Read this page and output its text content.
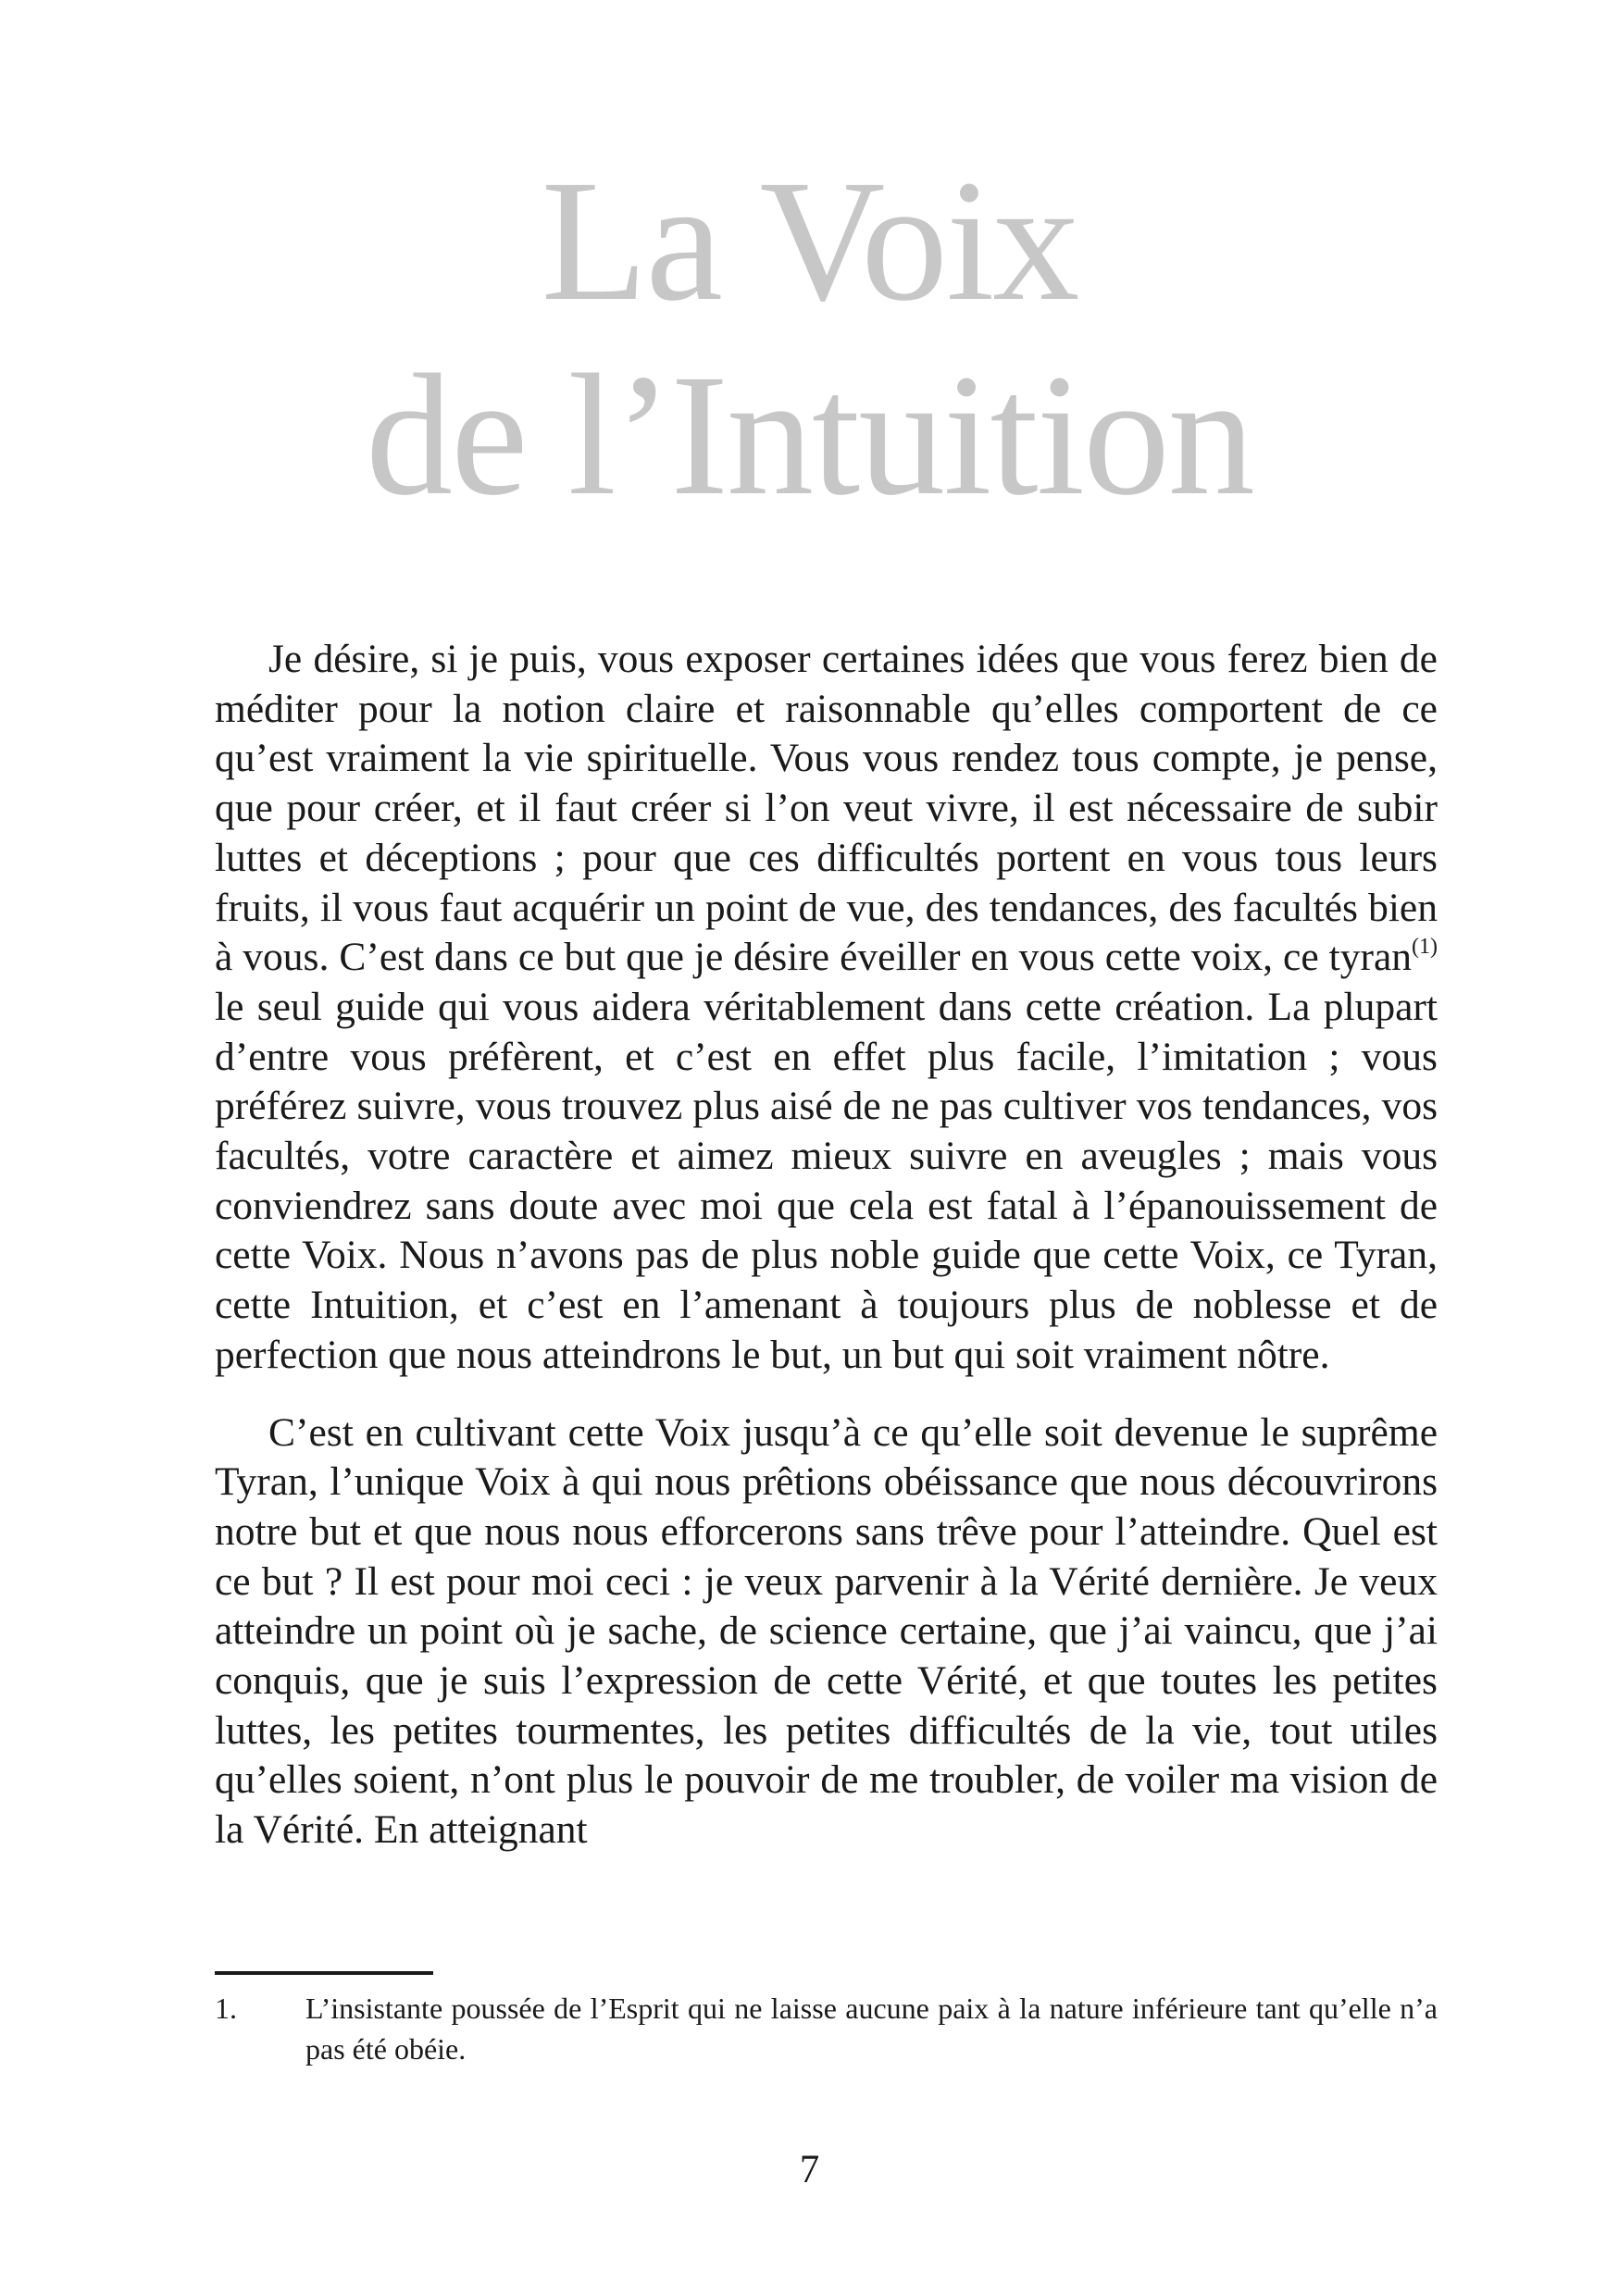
La Voix
de l’Intuition

Je désire, si je puis, vous exposer certaines idées que vous ferez bien de méditer pour la notion claire et raisonnable qu’elles comportent de ce qu’est vraiment la vie spirituelle. Vous vous rendez tous compte, je pense, que pour créer, et il faut créer si l’on veut vivre, il est nécessaire de subir luttes et déceptions ; pour que ces difficultés portent en vous tous leurs fruits, il vous faut acquérir un point de vue, des tendances, des facultés bien à vous. C’est dans ce but que je désire éveiller en vous cette voix, ce tyran$^{(1)}$ le seul guide qui vous aidera véritablement dans cette création. La plupart d’entre vous préfèrent, et c’est en effet plus facile, l’imitation ; vous préférez suivre, vous trouvez plus aisé de ne pas cultiver vos tendances, vos facultés, votre caractère et aimez mieux suivre en aveugles ; mais vous conviendrez sans doute avec moi que cela est fatal à l’épanouissement de cette Voix. Nous n’avons pas de plus noble guide que cette Voix, ce Tyran, cette Intuition, et c’est en l’amenant à toujours plus de noblesse et de perfection que nous atteindrons le but, un but qui soit vraiment nôtre.

C’est en cultivant cette Voix jusqu’à ce qu’elle soit devenue le suprême Tyran, l’unique Voix à qui nous prêtions obéissance que nous découvrirons notre but et que nous nous efforcerons sans trêve pour l’atteindre. Quel est ce but ? Il est pour moi ceci : je veux parvenir à la Vérité dernière. Je veux atteindre un point où je sache, de science certaine, que j’ai vaincu, que j’ai conquis, que je suis l’expression de cette Vérité, et que toutes les petites luttes, les petites tourmentes, les petites difficultés de la vie, tout utiles qu’elles soient, n’ont plus le pouvoir de me troubler, de voiler ma vision de la Vérité. En atteignant

1. L’insistante poussée de l’Esprit qui ne laisse aucune paix à la nature inférieure tant qu’elle n’a pas été obéie.
7
